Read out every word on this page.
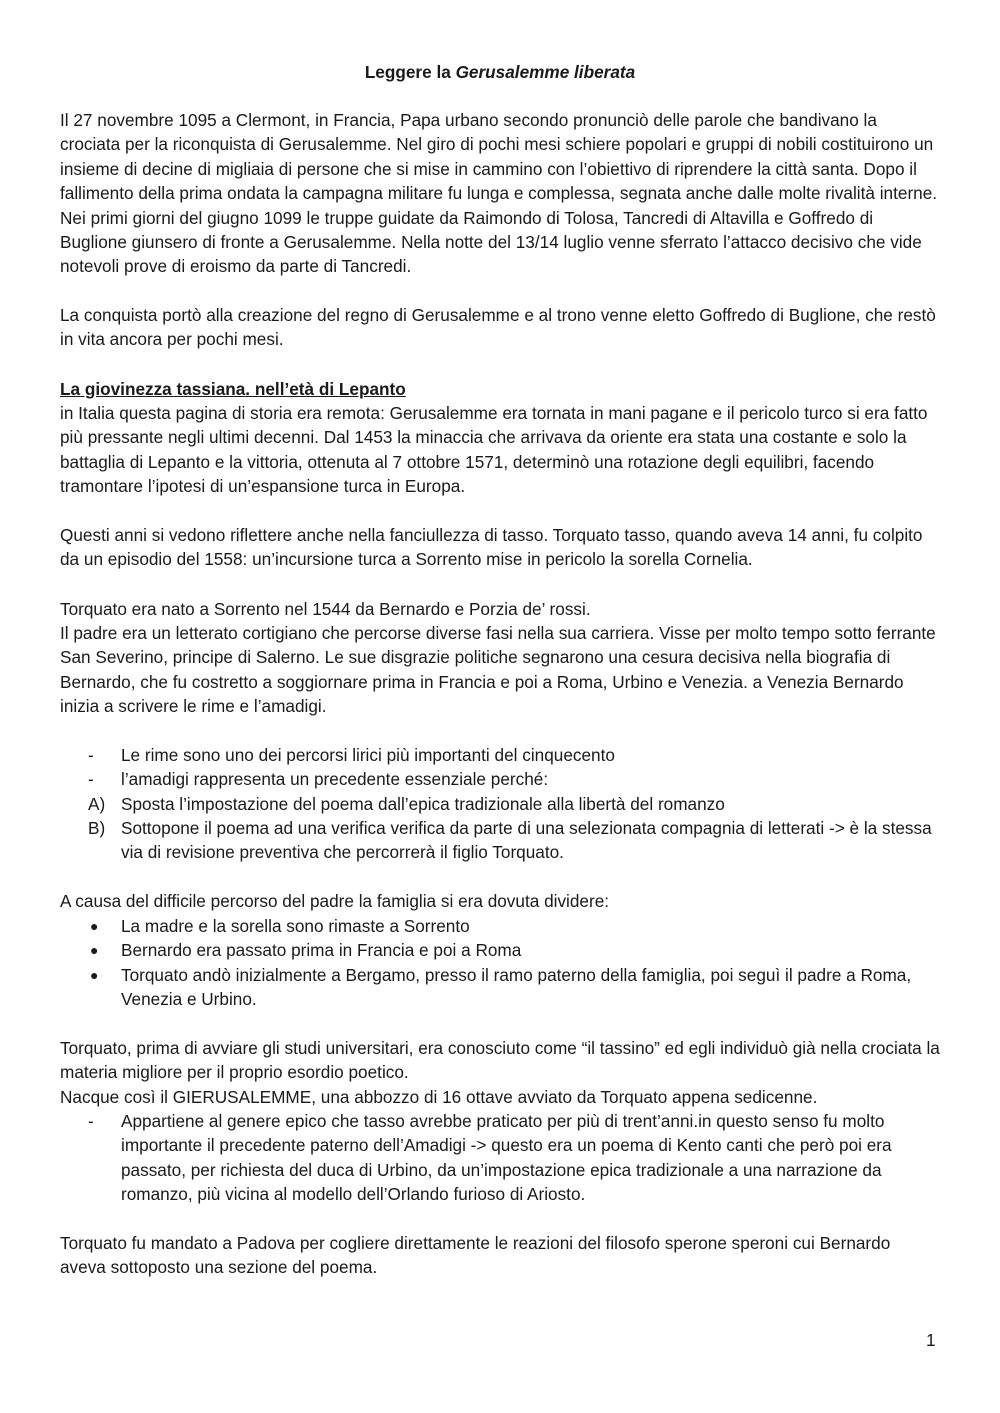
Leggere la Gerusalemme liberata

Il 27 novembre 1095 a Clermont, in Francia, Papa urbano secondo pronunciò delle parole che bandivano la crociata per la riconquista di Gerusalemme. Nel giro di pochi mesi schiere popolari e gruppi di nobili costituirono un insieme di decine di migliaia di persone che si mise in cammino con l’obiettivo di riprendere la città santa. Dopo il fallimento della prima ondata la campagna militare fu lunga e complessa, segnata anche dalle molte rivalità interne. Nei primi giorni del giugno 1099 le truppe guidate da Raimondo di Tolosa, Tancredi di Altavilla e Goffredo di Buglione giunsero di fronte a Gerusalemme. Nella notte del 13/14 luglio venne sferrato l’attacco decisivo che vide notevoli prove di eroismo da parte di Tancredi.

La conquista portò alla creazione del regno di Gerusalemme e al trono venne eletto Goffredo di Buglione, che restò in vita ancora per pochi mesi.

La giovinezza tassiana. nell’età di Lepanto

in Italia questa pagina di storia era remota: Gerusalemme era tornata in mani pagane e il pericolo turco si era fatto più pressante negli ultimi decenni. Dal 1453 la minaccia che arrivava da oriente era stata una costante e solo la battaglia di Lepanto e la vittoria, ottenuta al 7 ottobre 1571, determinò una rotazione degli equilibri, facendo tramontare l’ipotesi di un’espansione turca in Europa.

Questi anni si vedono riflettere anche nella fanciullezza di tasso. Torquato tasso, quando aveva 14 anni, fu colpito da un episodio del 1558: un’incursione turca a Sorrento mise in pericolo la sorella Cornelia.

Torquato era nato a Sorrento nel 1544 da Bernardo e Porzia de’ rossi.

Il padre era un letterato cortigiano che percorse diverse fasi nella sua carriera. Visse per molto tempo sotto ferrante San Severino, principe di Salerno. Le sue disgrazie politiche segnarono una cesura decisiva nella biografia di Bernardo, che fu costretto a soggiornare prima in Francia e poi a Roma, Urbino e Venezia. a Venezia Bernardo inizia a scrivere le rime e l’amadigi.

- Le rime sono uno dei percorsi lirici più importanti del cinquecento
- l’amadigi rappresenta un precedente essenziale perché:
A) Sposta l’impostazione del poema dall’epica tradizionale alla libertà del romanzo
B) Sottopone il poema ad una verifica verifica da parte di una selezionata compagnia di letterati -> è la stessa via di revisione preventiva che percorrerà il figlio Torquato.

A causa del difficile percorso del padre la famiglia si era dovuta dividere:

● La madre e la sorella sono rimaste a Sorrento
● Bernardo era passato prima in Francia e poi a Roma
● Torquato andò inizialmente a Bergamo, presso il ramo paterno della famiglia, poi seguì il padre a Roma, Venezia e Urbino.

Torquato, prima di avviare gli studi universitari, era conosciuto come “il tassino” ed egli individuò già nella crociata la materia migliore per il proprio esordio poetico.

Nacque così il GIERUSALEMME, una abbozzo di 16 ottave avviato da Torquato appena sedicenne.

- Appartiene al genere epico che tasso avrebbe praticato per più di trent’anni.in questo senso fu molto importante il precedente paterno dell’Amadigi -> questo era un poema di Kento canti che però poi era passato, per richiesta del duca di Urbino, da un’impostazione epica tradizionale a una narrazione da romanzo, più vicina al modello dell’Orlando furioso di Ariosto.

Torquato fu mandato a Padova per cogliere direttamente le reazioni del filosofo sperone speroni cui Bernardo aveva sottoposto una sezione del poema.

1
